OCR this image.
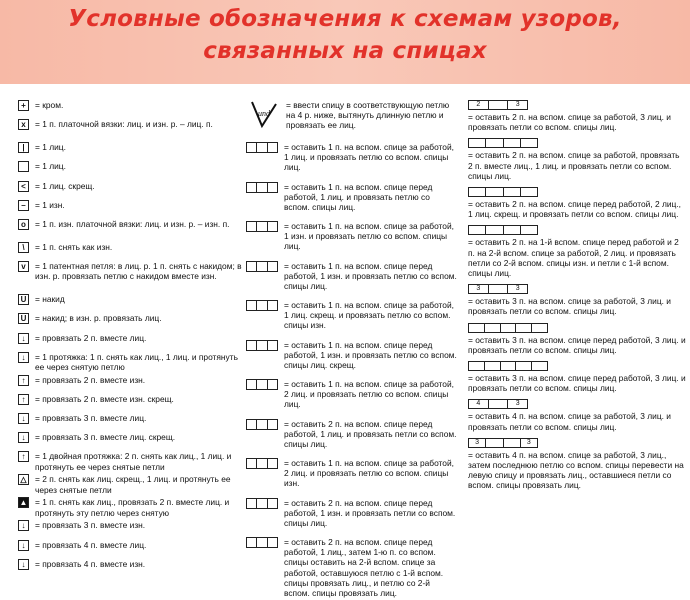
Условные обозначения к схемам узоров,
связанных на спицах
+	= кром.
x	= 1 п. платочной вязки: лиц. и изн. р. – лиц. п.
|	= 1 лиц.
= 1 лиц.
<	= 1 лиц. скрещ.
–	= 1 изн.
o	= 1 п. изн. платочной вязки: лиц. и изн. р. – изн. п.
\	= 1 п. снять как изн.
v	= 1 патентная петля: в лиц. р. 1 п. снять с накидом; в изн. р. провязать петлю с накидом вместе изн.
U	= накид
U	= накид; в изн. р. провязать лиц.
↓	= провязать 2 п. вместе лиц.
↓	= 1 протяжка: 1 п. снять как лиц., 1 лиц. и протянуть ее через снятую петлю
↑	= провязать 2 п. вместе изн.
↑	= провязать 2 п. вместе изн. скрещ.
↓	= провязать 3 п. вместе лиц.
↓	= провязать 3 п. вместе лиц. скрещ.
↑	= 1 двойная протяжка: 2 п. снять как лиц., 1 лиц. и протянуть ее через снятые петли
△ = 2 п. снять как лиц. скрещ., 1 лиц. и протянуть ее через снятые петли
▲ = 1 п. снять как лиц., провязать 2 п. вместе лиц. и протянуть эту петлю через снятую
↓	= провязать 3 п. вместе изн.
↓	= провязать 4 п. вместе лиц.
↓	= провязать 4 п. вместе изн.
und
= ввести спицу в соответствующую петлю на 4 р. ниже, вытянуть длинную петлю и провязать ее лиц.
= оставить 1 п. на вспом. спице за работой, 1 лиц. и провязать петлю со вспом. спицы лиц.
= оставить 1 п. на вспом. спице перед работой, 1 лиц. и провязать петлю со вспом. спицы лиц.
= оставить 1 п. на вспом. спице за работой, 1 изн. и провязать петлю со вспом. спицы лиц.
= оставить 1 п. на вспом. спице перед работой, 1 изн. и провязать петлю со вспом. спицы лиц.
= оставить 1 п. на вспом. спице за работой, 1 лиц. скрещ. и провязать петлю со вспом. спицы изн.
= оставить 1 п. на вспом. спице перед работой, 1 изн. и провязать петлю со вспом. спицы лиц. скрещ.
= оставить 1 п. на вспом. спице за работой, 2 лиц. и провязать петлю со вспом. спицы лиц.
= оставить 2 п. на вспом. спице перед работой, 1 лиц. и провязать петли со вспом. спицы лиц.
= оставить 1 п. на вспом. спице за работой, 2 лиц. и провязать петлю со вспом. спицы изн.
= оставить 2 п. на вспом. спице перед работой, 1 изн. и провязать петли со вспом. спицы лиц.
= оставить 2 п. на вспом. спице перед работой, 1 лиц., затем 1-ю п. со вспом. спицы оставить на 2-й вспом. спице за работой, оставшуюся петлю с 1-й вспом. спицы провязать лиц., и петлю со 2-й вспом. спицы провязать лиц.
2	3
= оставить 2 п. на вспом. спице за работой, 3 лиц. и провязать петли со вспом. спицы лиц.
= оставить 2 п. на вспом. спице за работой, провязать 2 п. вместе лиц., 1 лиц. и провязать петли со вспом. спицы лиц.
= оставить 2 п. на вспом. спице перед работой, 2 лиц., 1 лиц. скрещ. и провязать петли со вспом. спицы лиц.
= оставить 2 п. на 1-й вспом. спице перед работой и 2 п. на 2-й вспом. спице за работой, 2 лиц. и провязать петли со 2-й вспом. спицы изн. и петли с 1-й вспом. спицы лиц.
3	3
= оставить 3 п. на вспом. спице за работой, 3 лиц. и провязать петли со вспом. спицы лиц.
= оставить 3 п. на вспом. спице перед работой, 3 лиц. и провязать петли со вспом. спицы лиц.
= оставить 3 п. на вспом. спице перед работой, 3 лиц. и провязать петли со вспом. спицы лиц.
4	3
= оставить 4 п. на вспом. спице за работой, 3 лиц. и провязать петли со вспом. спицы лиц.
3	3
= оставить 4 п. на вспом. спице за работой, 3 лиц., затем последнюю петлю со вспом. спицы перевести на левую спицу и провязать лиц., оставшиеся петли со вспом. спицы провязать лиц.
